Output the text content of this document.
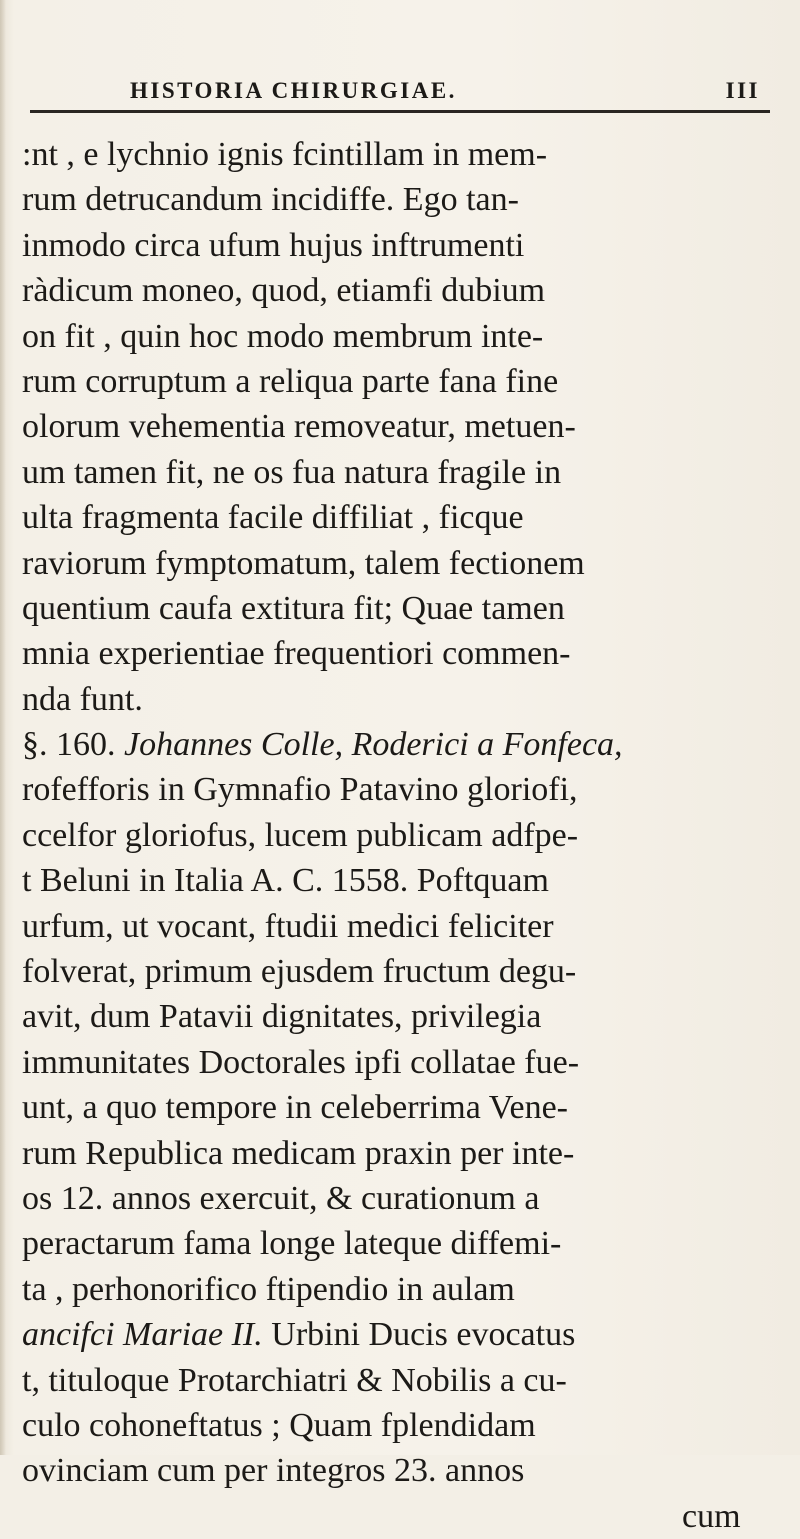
HISTORIA CHIRURGIAE.	III
:nt , e lychnio ignis fcintillam in mem-
rum detrucandum incidiffe. Ego tan-
inmodo circa ufum hujus inftrumenti
ràdicum moneo, quod, etiamfi dubium
on fit , quin hoc modo membrum inte-
rum corruptum a reliqua parte fana fine
olorum vehementia removeatur, metuen-
um tamen fit, ne os fua natura fragile in
ulta fragmenta facile diffiliat , ficque
raviorum fymptomatum, talem fectionem
quentium caufa extitura fit; Quae tamen
mnia experientiae frequentiori commen-
nda funt.
§. 160. Johannes Colle, Roderici a Fonfeca,
rofefforis in Gymnafio Patavino gloriofi,
ccelfor gloriofus, lucem publicam adfpe-
t Beluni in Italia A. C. 1558. Poftquam
urfum, ut vocant, ftudii medici feliciter
folverat, primum ejusdem fructum degu-
avit, dum Patavii dignitates, privilegia
immunitates Doctorales ipfi collatae fue-
unt, a quo tempore in celeberrima Vene-
rum Republica medicam praxin per inte-
os 12. annos exercuit, & curationum a
peractarum fama longe lateque diffemi-
ta , perhonorifico ftipendio in aulam
ancifci Mariae II. Urbini Ducis evocatus
t, tituloque Protarchiatri & Nobilis a cu-
culo cohoneftatus ; Quam fplendidam
ovinciam cum per integros 23. annos
cum
